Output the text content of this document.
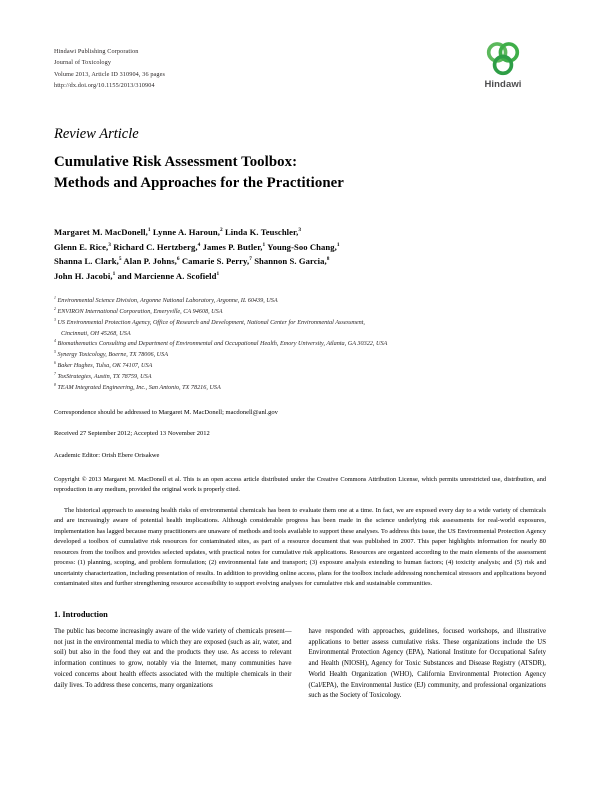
Hindawi Publishing Corporation
Journal of Toxicology
Volume 2013, Article ID 310904, 36 pages
http://dx.doi.org/10.1155/2013/310904	Hindawi
Review Article
Cumulative Risk Assessment Toolbox:
Methods and Approaches for the Practitioner
Margaret M. MacDonell,$^1$ Lynne A. Haroun,$^2$ Linda K. Teuschler,$^3$
Glenn E. Rice,$^3$ Richard C. Hertzberg,$^4$ James P. Butler,$^1$ Young-Soo Chang,$^1$
Shanna L. Clark,$^5$ Alan P. Johns,$^6$ Camarie S. Perry,$^7$ Shannon S. Garcia,$^8$
John H. Jacobi,$^1$ and Marcienne A. Scofield$^1$
$^1$ Environmental Science Division, Argonne National Laboratory, Argonne, IL 60439, USA
$^2$ ENVIRON International Corporation, Emeryville, CA 94608, USA
$^3$ US Environmental Protection Agency, Office of Research and Development, National Center for Environmental Assessment,
Cincinnati, OH 45268, USA
$^4$ Biomathematics Consulting and Department of Environmental and Occupational Health, Emory University, Atlanta, GA 30322, USA
$^5$ Synergy Toxicology, Boerne, TX 78006, USA
$^6$ Baker Hughes, Tulsa, OK 74107, USA
$^7$ ToxStrategies, Austin, TX 78759, USA
$^8$ TEAM Integrated Engineering, Inc., San Antonio, TX 78216, USA
Correspondence should be addressed to Margaret M. MacDonell; macdonell@anl.gov
Received 27 September 2012; Accepted 13 November 2012
Academic Editor: Orish Ebere Orisakwe
Copyright © 2013 Margaret M. MacDonell et al. This is an open access article distributed under the Creative Commons Attribution License, which permits unrestricted use, distribution, and reproduction in any medium, provided the original work is properly cited.
The historical approach to assessing health risks of environmental chemicals has been to evaluate them one at a time. In fact, we are exposed every day to a wide variety of chemicals and are increasingly aware of potential health implications. Although considerable progress has been made in the science underlying risk assessments for real-world exposures, implementation has lagged because many practitioners are unaware of methods and tools available to support these analyses. To address this issue, the US Environmental Protection Agency developed a toolbox of cumulative risk resources for contaminated sites, as part of a resource document that was published in 2007. This paper highlights information for nearly 80 resources from the toolbox and provides selected updates, with practical notes for cumulative risk applications. Resources are organized according to the main elements of the assessment process: (1) planning, scoping, and problem formulation; (2) environmental fate and transport; (3) exposure analysis extending to human factors; (4) toxicity analysis; and (5) risk and uncertainty characterization, including presentation of results. In addition to providing online access, plans for the toolbox include addressing nonchemical stressors and applications beyond contaminated sites and further strengthening resource accessibility to support evolving analyses for cumulative risk and sustainable communities.
1. Introduction

The public has become increasingly aware of the wide variety of chemicals present—not just in the environmental media to which they are exposed (such as air, water, and soil) but also in the food they eat and the products they use. As access to relevant information continues to grow, notably via the Internet, many communities have voiced concerns about health effects associated with the multiple chemicals in their daily lives. To address these concerns, many organizations

have responded with approaches, guidelines, focused workshops, and illustrative applications to better assess cumulative risks. These organizations include the US Environmental Protection Agency (EPA), National Institute for Occupational Safety and Health (NIOSH), Agency for Toxic Substances and Disease Registry (ATSDR), World Health Organization (WHO), California Environmental Protection Agency (Cal/EPA), the Environmental Justice (EJ) community, and professional organizations such as the Society of Toxicology.
